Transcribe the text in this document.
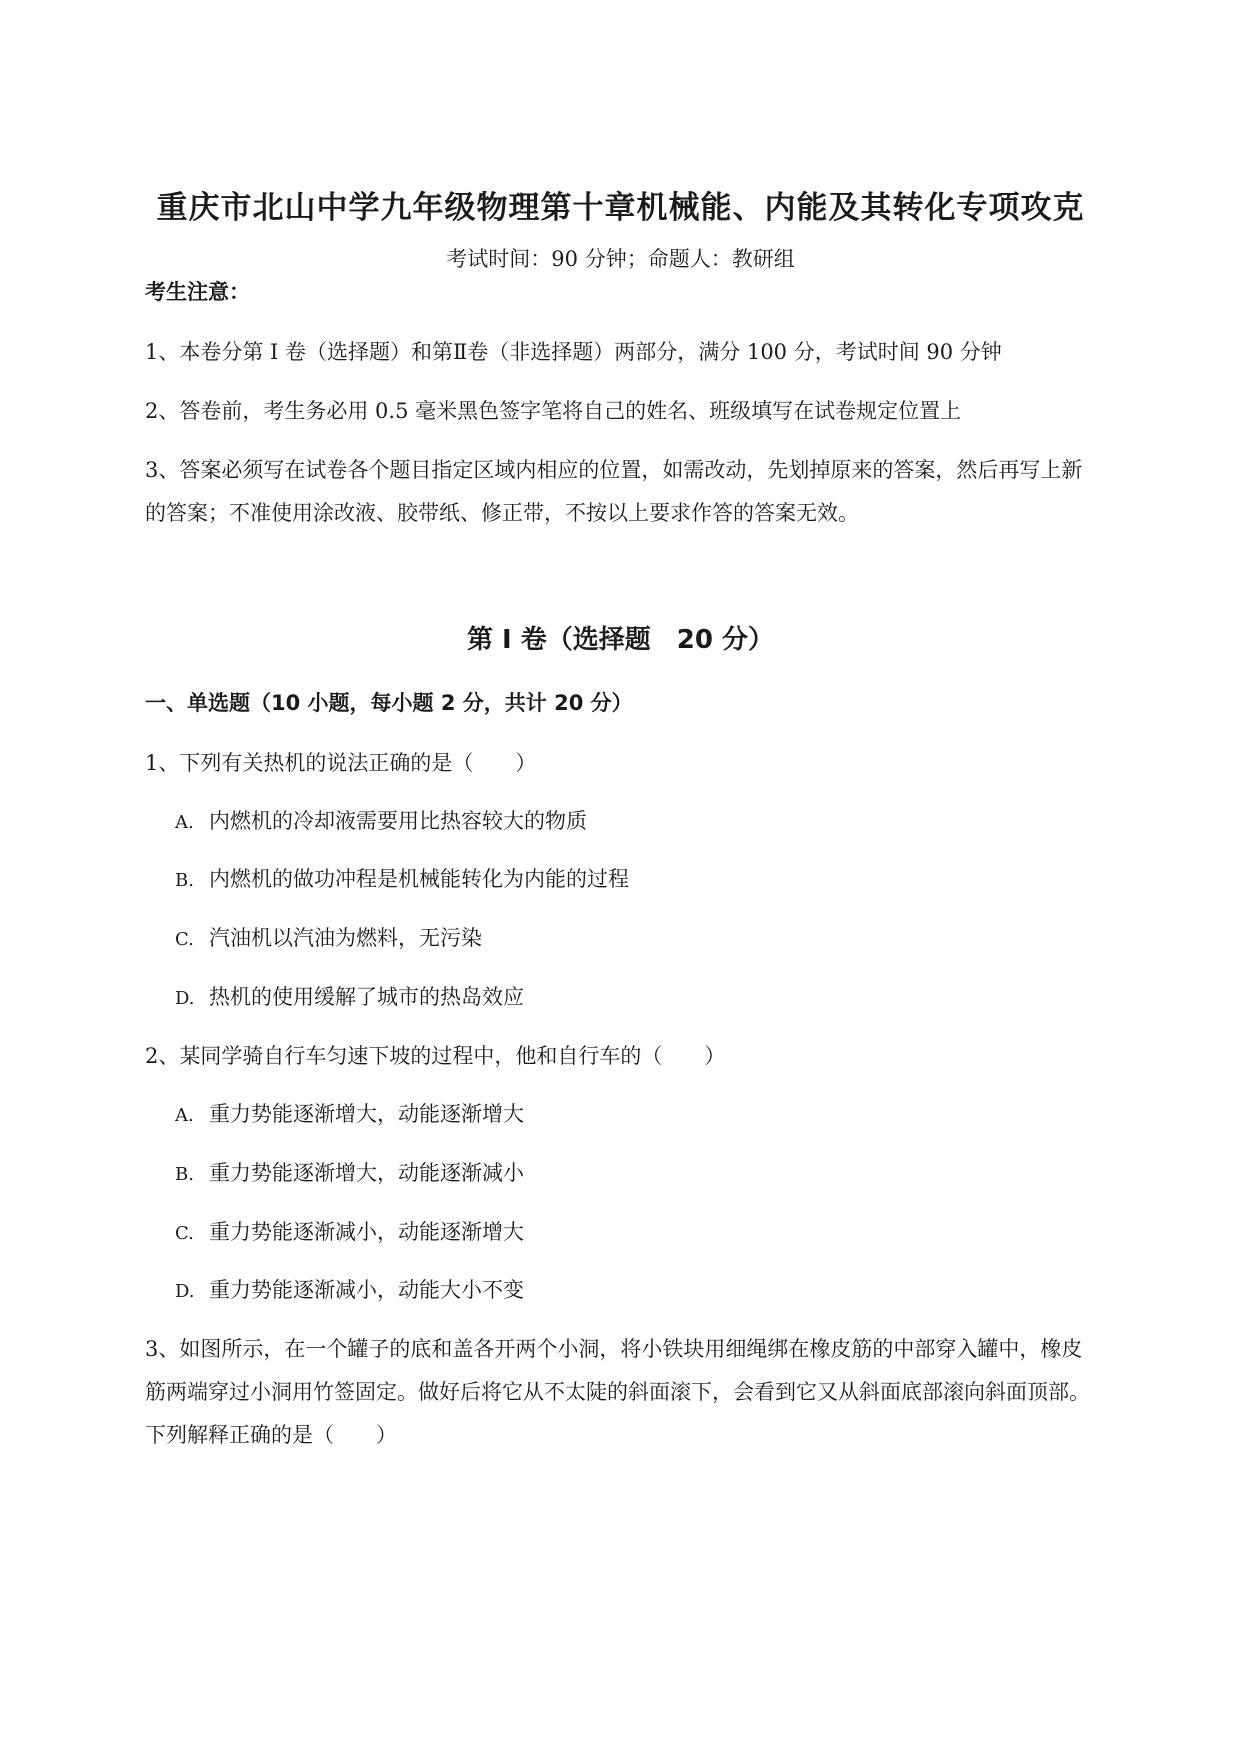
重庆市北山中学九年级物理第十章机械能、内能及其转化专项攻克
考试时间：90 分钟；命题人：教研组
考生注意：
1、本卷分第 I 卷（选择题）和第Ⅱ卷（非选择题）两部分，满分 100 分，考试时间 90 分钟
2、答卷前，考生务必用 0.5 毫米黑色签字笔将自己的姓名、班级填写在试卷规定位置上
3、答案必须写在试卷各个题目指定区域内相应的位置，如需改动，先划掉原来的答案，然后再写上新
的答案；不准使用涂改液、胶带纸、修正带，不按以上要求作答的答案无效。
第 I 卷（选择题　20 分）
一、单选题（10 小题，每小题 2 分，共计 20 分）
1、下列有关热机的说法正确的是（　　）
A. 内燃机的冷却液需要用比热容较大的物质
B. 内燃机的做功冲程是机械能转化为内能的过程
C. 汽油机以汽油为燃料，无污染
D. 热机的使用缓解了城市的热岛效应
2、某同学骑自行车匀速下坡的过程中，他和自行车的（　　）
A. 重力势能逐渐增大，动能逐渐增大
B. 重力势能逐渐增大，动能逐渐减小
C. 重力势能逐渐减小，动能逐渐增大
D. 重力势能逐渐减小，动能大小不变
3、如图所示，在一个罐子的底和盖各开两个小洞，将小铁块用细绳绑在橡皮筋的中部穿入罐中，橡皮
筋两端穿过小洞用竹签固定。做好后将它从不太陡的斜面滚下，会看到它又从斜面底部滚向斜面顶部。
下列解释正确的是（　　）
